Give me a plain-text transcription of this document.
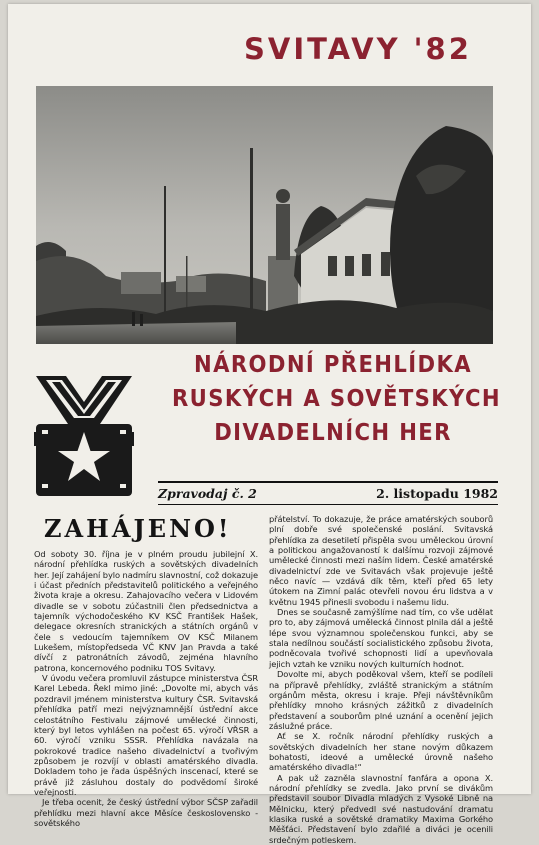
SVITAVY '82
NÁRODNÍ PŘEHLÍDKA
RUSKÝCH A SOVĚTSKÝCH
DIVADELNÍCH HER
Zpravodaj č. 2	2. listopadu 1982
ZAHÁJENO!

Od soboty 30. října je v plném proudu jubilejní X. národní přehlídka ruských a sovětských divadelních her. Její zahájení bylo nadmíru slavnostní, což dokazuje i účast předních představitelů politického a veřejného života kraje a okresu. Zahajovacího večera v Lidovém divadle se v sobotu zúčastnili člen předsednictva a tajemník východočeského KV KSČ František Hašek, delegace okresních stranických a státních orgánů v čele s vedoucím tajemníkem OV KSČ Milanem Lukešem, místopředseda VČ KNV Jan Pravda a také dívčí z patronátních závodů, zejména hlavního patrona, koncernového podniku TOS Svitavy.

V úvodu večera promluvil zástupce ministerstva ČSR Karel Lebeda. Řekl mimo jiné: „Dovolte mi, abych vás pozdravil jménem ministerstva kultury ČSR. Svitavská přehlídka patří mezi nejvýznamnější ústřední akce celostátního Festivalu zájmové umělecké činnosti, který byl letos vyhlášen na počest 65. výročí VŘSR a 60. výročí vzniku SSSR. Přehlídka navázala na pokrokové tradice našeho divadelnictví a tvořivým způsobem je rozvíjí v oblasti amatérského divadla. Dokladem toho je řada úspěšných inscenací, které se právě již zásluhou dostaly do podvědomí široké veřejnosti.

Je třeba ocenit, že český ústřední výbor SČSP zařadil přehlídku mezi hlavní akce Měsíce československo - sovětského

přátelství. To dokazuje, že práce amatérských souborů plní dobře své společenské poslání. Svitavská přehlídka za desetiletí přispěla svou uměleckou úrovní a politickou angažovaností k dalšímu rozvoji zájmové umělecké činnosti mezi naším lidem. České amatérské divadelnictví zde ve Svitavách však projevuje ještě něco navíc — vzdává dík těm, kteří před 65 lety útokem na Zimní palác otevřeli novou éru lidstva a v květnu 1945 přinesli svobodu i našemu lidu.

Dnes se současně zamýšlíme nad tím, co vše udělat pro to, aby zájmová umělecká činnost plnila dál a ještě lépe svou významnou společenskou funkci, aby se stala nedílnou součástí socialistického způsobu života, podněcovala tvořivé schopnosti lidí a upevňovala jejich vztah ke vzniku nových kulturních hodnot.

Dovolte mi, abych poděkoval všem, kteří se podíleli na přípravě přehlídky, zvláště stranickým a státním orgánům města, okresu i kraje. Přeji návštěvníkům přehlídky mnoho krásných zážitků z divadelních představení a souborům plné uznání a ocenění jejich záslužné práce.

Ať se X. ročník národní přehlídky ruských a sovětských divadelních her stane novým důkazem bohatosti, ideové a umělecké úrovně našeho amatérského divadla!“

A pak už zazněla slavnostní fanfára a opona X. národní přehlídky se zvedla. Jako první se divákům představil soubor Divadla mladých z Vysoké Libně na Mělnicku, který předvedl své nastudování dramatu klasika ruské a sovětské dramatiky Maxima Gorkého Měšťáci. Představení bylo zdařilé a diváci je ocenili srdečným potleskem.
